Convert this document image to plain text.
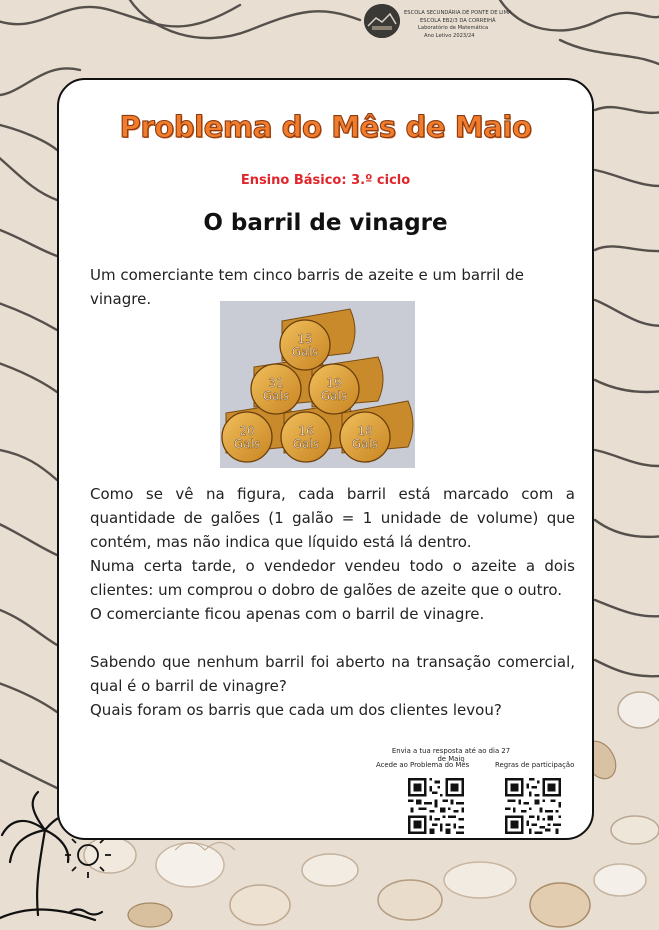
ESCOLA SECUNDÁRIA DE PONTE DE LIMA
ESCOLA EB2/3 DA CORREIHÃ
Laboratório de Matemática
Ano Letivo 2023/24
Problema do Mês de Maio
Ensino Básico: 3.º ciclo
O barril de vinagre
Um comerciante tem cinco barris de azeite e um barril de vinagre.
15
Gals
31
Gals
19
Gals
20
Gals
16
Gals
18
Gals
Como se vê na figura, cada barril está marcado com a quantidade de galões (1 galão = 1 unidade de volume) que contém, mas não indica que líquido está lá dentro.
Numa certa tarde, o vendedor vendeu todo o azeite a dois clientes: um comprou o dobro de galões de azeite que o outro.
O comerciante ficou apenas com o barril de vinagre.
Sabendo que nenhum barril foi aberto na transação comercial, qual é o barril de vinagre?
Quais foram os barris que cada um dos clientes levou?
Envia a tua resposta até ao dia 27 de Maio
Acede ao Problema do Mês	Regras de participação
